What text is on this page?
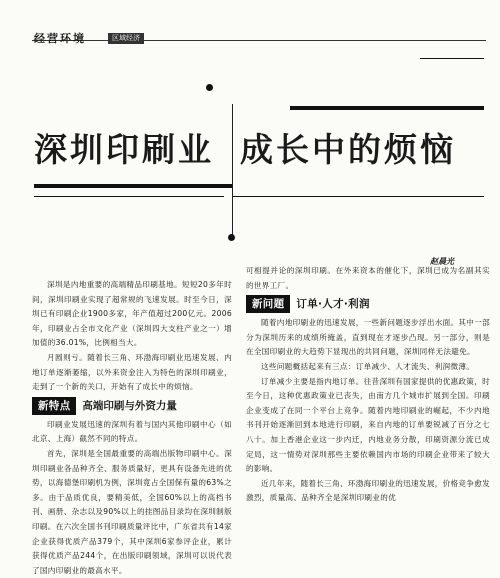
经营环境	区域经济
深圳印刷业 成长中的烦恼
赵晨光

深圳是内地重要的高端精品印刷基地。短短20多年时间，深圳印刷业实现了超常规的飞速发展。时至今日，深圳已有印刷企业1900多家，年产值超过200亿元。2006年，印刷业占全市文化产业（深圳四大支柱产业之一）增加值的36.01%，比例相当大。

月圆则亏。随着长三角、环渤海印刷业迅速发展、内地订单逐渐萎缩，以外来资金注入为特色的深圳印刷业，走到了一个新的关口，开始有了成长中的烦恼。

新特点	高端印刷与外资力量

印刷业发展迅速的深圳有着与国内其他印刷中心（如北京、上海）截然不同的特点。

首先，深圳是全国最重要的高端出版物印刷中心。深圳印刷业各品种齐全、服务质量好，更具有设备先进的优势，以海德堡印刷机为例，深圳竟占全国保有量的63%之多。由于品质优良，要精美低，全国60%以上的高档书刊、画册、杂志以及90%以上的挂图品目录均在深圳制版印刷。在六次全国书刊印刷质量评比中，广东省共有14家企业获得优质产品379个，其中深圳6家参评企业，累计获得优质产品244个，在出版印刷领域，深圳可以说代表了国内印刷业的最高水平。

可相提并论的深圳印刷。在外来资本的催化下，深圳已成为名副其实的世界工厂。

新问题	订单·人才·利润

随着内地印刷业的迅速发展，一些新问题逐步浮出水面。其中一部分为深圳历来的成绩所掩盖，直到现在才逐步凸现。另一部分，则是在全国印刷业的大趋势下显现出的共同问题，深圳同样无法避免。

这些问题概括起来有三点：订单减少、人才流失、利润微薄。

订单减少主要是指内地订单。往昔深圳有国家提供的优惠政策，时至今日，这种优惠政策业已丧失，由南方几个城市扩展到全国。印刷企业变成了在同一个平台上竞争。随着内地印刷业的崛起，不少内地书刊开始逐渐回到本地进行印刷，来自内地的订单要锐减了百分之七八十。加上香港企业这一步内迁，内地业务分散，印刷资源分流已成定局，这一情势对深圳那些主要依赖国内市场的印刷企业带来了较大的影响。

近几年来，随着长三角、环渤海印刷业的迅速发展，价格竞争愈发激烈，质量高、品种齐全是深圳印刷业的优
